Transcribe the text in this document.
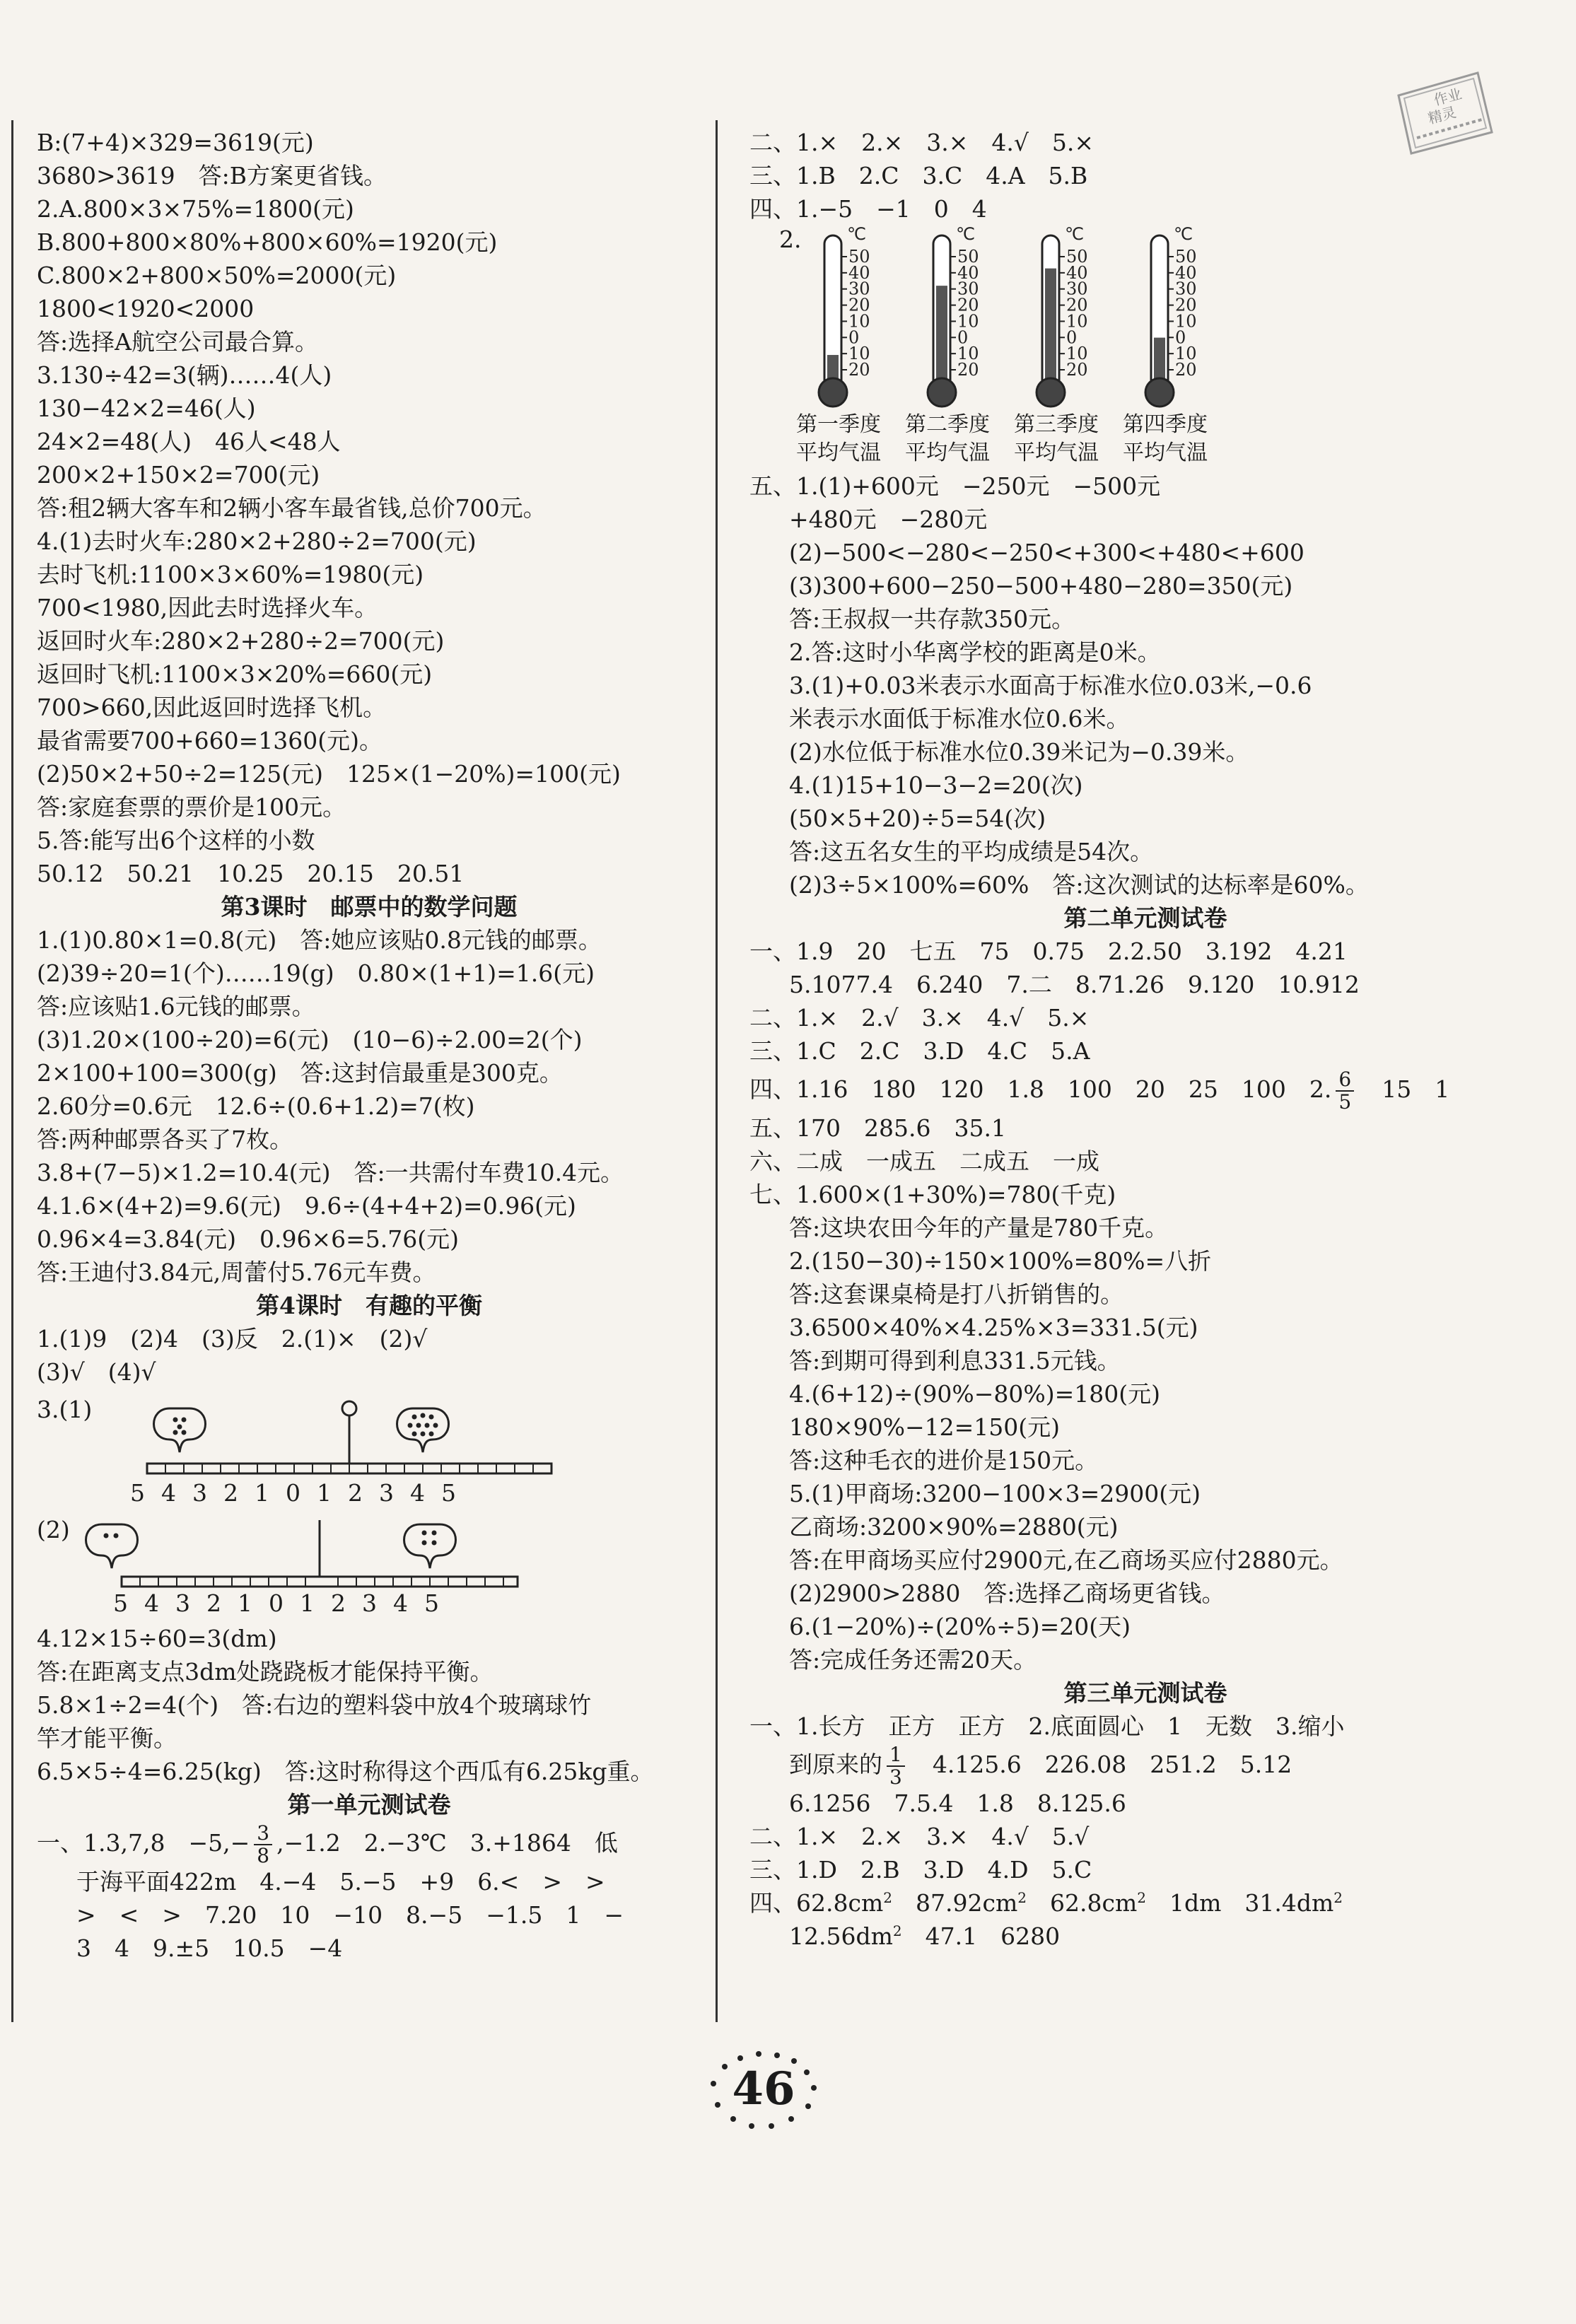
作业
精灵
B:(7+4)×329=3619(元)
3680>3619　答:B方案更省钱。
2.A.800×3×75%=1800(元)
B.800+800×80%+800×60%=1920(元)
C.800×2+800×50%=2000(元)
1800<1920<2000
答:选择A航空公司最合算。
3.130÷42=3(辆)……4(人)
130−42×2=46(人)
24×2=48(人)　46人<48人
200×2+150×2=700(元)
答:租2辆大客车和2辆小客车最省钱,总价700元。
4.(1)去时火车:280×2+280÷2=700(元)
去时飞机:1100×3×60%=1980(元)
700<1980,因此去时选择火车。
返回时火车:280×2+280÷2=700(元)
返回时飞机:1100×3×20%=660(元)
700>660,因此返回时选择飞机。
最省需要700+660=1360(元)。
(2)50×2+50÷2=125(元)　125×(1−20%)=100(元)
答:家庭套票的票价是100元。
5.答:能写出6个这样的小数
50.12　50.21　10.25　20.15　20.51
第3课时　邮票中的数学问题
1.(1)0.80×1=0.8(元)　答:她应该贴0.8元钱的邮票。
(2)39÷20=1(个)……19(g)　0.80×(1+1)=1.6(元)
答:应该贴1.6元钱的邮票。
(3)1.20×(100÷20)=6(元)　(10−6)÷2.00=2(个)
2×100+100=300(g)　答:这封信最重是300克。
2.60分=0.6元　12.6÷(0.6+1.2)=7(枚)
答:两种邮票各买了7枚。
3.8+(7−5)×1.2=10.4(元)　答:一共需付车费10.4元。
4.1.6×(4+2)=9.6(元)　9.6÷(4+4+2)=0.96(元)
0.96×4=3.84(元)　0.96×6=5.76(元)
答:王迪付3.84元,周蕾付5.76元车费。
第4课时　有趣的平衡
1.(1)9　(2)4　(3)反　2.(1)×　(2)√
(3)√　(4)√
3.(1)
5 4 3 2 1 0 1 2 3 4 5
(2)
5 4 3 2 1 0 1 2 3 4 5
4.12×15÷60=3(dm)
答:在距离支点3dm处跷跷板才能保持平衡。
5.8×1÷2=4(个)　答:右边的塑料袋中放4个玻璃球竹
竿才能平衡。
6.5×5÷4=6.25(kg)　答:这时称得这个西瓜有6.25kg重。
第一单元测试卷
一、1.3,7,8　$-5,- \frac{3}{8} ,-1.2$　2.−3℃　3.+1864　低
于海平面422m　4.−4　5.−5　+9　6.<　>　>
>　<　>　7.20　10　−10　8.−5　−1.5　1　−
3　4　9.±5　10.5　−4
二、1.×　2.×　3.×　4.√　5.×
三、1.B　2.C　3.C　4.A　5.B
四、1.−5　−1　0　4
2.
50
40
30
20
10
0
10
20
℃
第一季度
平均气温
50
40
30
20
10
0
10
20
℃
第二季度
平均气温
50
40
30
20
10
0
10
20
℃
第三季度
平均气温
50
40
30
20
10
0
10
20
℃
第四季度
平均气温
五、1.(1)+600元　−250元　−500元
+480元　−280元
(2)−500<−280<−250<+300<+480<+600
(3)300+600−250−500+480−280=350(元)
答:王叔叔一共存款350元。
2.答:这时小华离学校的距离是0米。
3.(1)+0.03米表示水面高于标准水位0.03米,−0.6
米表示水面低于标准水位0.6米。
(2)水位低于标准水位0.39米记为−0.39米。
4.(1)15+10−3−2=20(次)
(50×5+20)÷5=54(次)
答:这五名女生的平均成绩是54次。
(2)3÷5×100%=60%　答:这次测试的达标率是60%。
第二单元测试卷
一、1.9　20　七五　75　0.75　2.2.50　3.192　4.21
5.1077.4　6.240　7.二　8.71.26　9.120　10.912
二、1.×　2.√　3.×　4.√　5.×
三、1.C　2.C　3.D　4.C　5.A
四、1.16　180　120　1.8　100　20　25　100　2. $\frac{6}{5}$ 　15　1
五、170　285.6　35.1
六、二成　一成五　二成五　一成
七、1.600×(1+30%)=780(千克)
答:这块农田今年的产量是780千克。
2.(150−30)÷150×100%=80%=八折
答:这套课桌椅是打八折销售的。
3.6500×40%×4.25%×3=331.5(元)
答:到期可得到利息331.5元钱。
4.(6+12)÷(90%−80%)=180(元)
180×90%−12=150(元)
答:这种毛衣的进价是150元。
5.(1)甲商场:3200−100×3=2900(元)
乙商场:3200×90%=2880(元)
答:在甲商场买应付2900元,在乙商场买应付2880元。
(2)2900>2880　答:选择乙商场更省钱。
6.(1−20%)÷(20%÷5)=20(天)
答:完成任务还需20天。
第三单元测试卷
一、1.长方　正方　正方　2.底面圆心　1　无数　3.缩小
到原来的 $\frac{1}{3}$ 　4.125.6　226.08　251.2　5.12
6.1256　7.5.4　1.8　8.125.6
二、1.×　2.×　3.×　4.√　5.√
三、1.D　2.B　3.D　4.D　5.C
四、$62.8cm^2$　$87.92cm^2$　$62.8cm^2$　1dm　$31.4dm^2$
$12.56dm^2$　47.1　6280
46
